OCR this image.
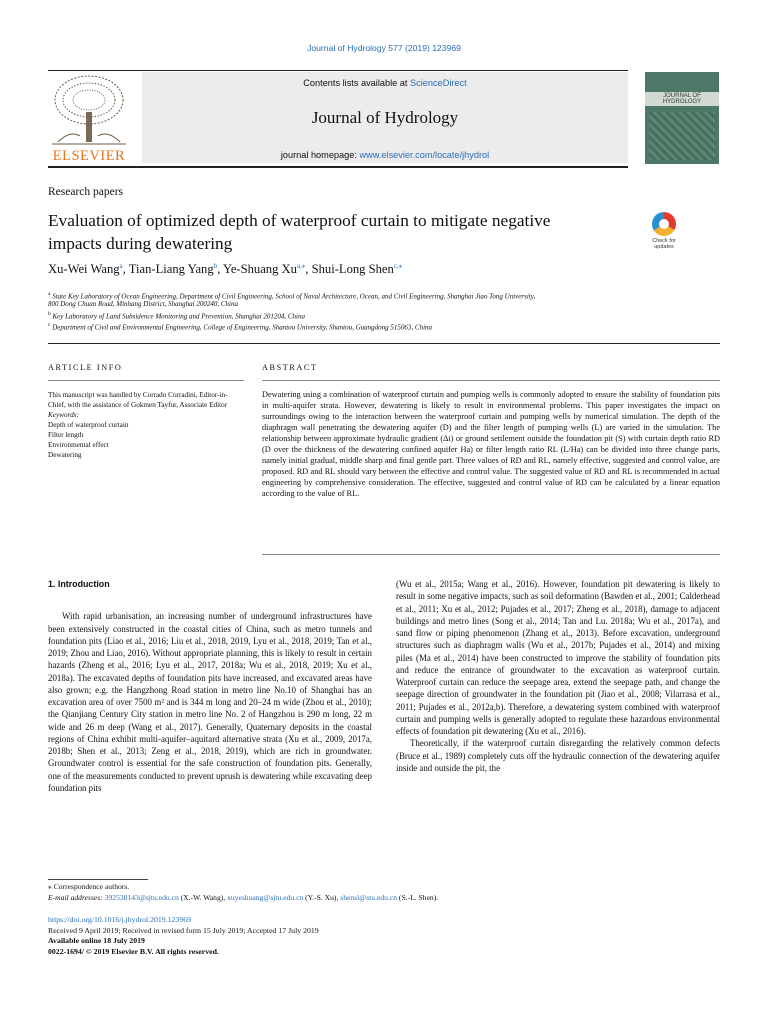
Journal of Hydrology 577 (2019) 123969
ELSEVIER
Contents lists available at ScienceDirect
Journal of Hydrology
journal homepage: www.elsevier.com/locate/jhydrol
JOURNAL OF
HYDROLOGY
Research papers
Evaluation of optimized depth of waterproof curtain to mitigate negative
impacts during dewatering	Check for
updates
Xu-Wei Wang$^a$, Tian-Liang Yang$^b$, Ye-Shuang $Xu^{a,⁎}$, Shui-Long Shen$^{c,⁎}$
$^a$ State Key Laboratory of Ocean Engineering, Department of Civil Engineering, School of Naval Architecture, Ocean, and Civil Engineering, Shanghai Jiao Tong University,
800 Dong Chuan Road, Minhang District, Shanghai 200240, China
$^b$ Key Laboratory of Land Subsidence Monitoring and Prevention, Shanghai 201204, China
$^c$ Department of Civil and Environmental Engineering, College of Engineering, Shantou University, Shantou, Guangdong 515063, China
ARTICLE INFO	ABSTRACT
This manuscript was handled by Corrado Corradini, Editor-in-Chief, with the assistance of Gokmen Tayfur, Associate Editor
Keywords:
Depth of waterproof curtain
Filter length
Environmental effect
Dewatering
Dewatering using a combination of waterproof curtain and pumping wells is commonly adopted to ensure the stability of foundation pits in multi-aquifer strata. However, dewatering is likely to result in environmental problems. This paper investigates the impact on surroundings owing to the interaction between the waterproof curtain and pumping wells by numerical simulation. The depth of the diaphragm wall penetrating the dewatering aquifer (D) and the filter length of pumping wells (L) are varied in the simulation. The relationship between approximate hydraulic gradient (Δi) or ground settlement outside the foundation pit (S) with curtain depth ratio RD (D over the thickness of the dewatering confined aquifer Ha) or filter length ratio RL (L/Ha) can be divided into three change parts, namely initial gradual, middle sharp and final gentle part. Three values of RD and RL, namely effective, suggested and control value, are proposed. RD and RL should vary between the effective and control value. The suggested value of RD and RL is recommended in actual engineering by comprehensive consideration. The effective, suggested and control value of RD can be calculated by a linear equation according to the value of RL.
1. Introduction

With rapid urbanisation, an increasing number of underground infrastructures have been extensively constructed in the coastal cities of China, such as metro tunnels and foundation pits (Liao et al., 2016; Liu et al., 2018, 2019, Lyu et al., 2018, 2019; Tan et al., 2019; Zhou and Liao, 2016). Without appropriate planning, this is likely to result in certain hazards (Zheng et al., 2016; Lyu et al., 2017, 2018a; Wu et al., 2018, 2019; Xu et al., 2018a). The excavated depths of foundation pits have increased, and excavated areas have also grown; e.g. the Hangzhong Road station in metro line No.10 of Shanghai has an excavation area of over 7500 m² and is 344 m long and 20–24 m wide (Zhou et al., 2010); the Qianjiang Century City station in metro line No. 2 of Hangzhou is 290 m long, 22 m wide and 26 m deep (Wang et al., 2017). Generally, Quaternary deposits in the coastal regions of China exhibit multi-aquifer–aquitard alternative strata (Xu et al., 2009, 2017a, 2018b; Shen et al., 2013; Zeng et al., 2018, 2019), which are rich in groundwater. Groundwater control is essential for the safe construction of foundation pits. Generally, one of the measurements conducted to prevent uprush is dewatering while excavating deep foundation pits

(Wu et al., 2015a; Wang et al., 2016). However, foundation pit dewatering is likely to result in some negative impacts, such as soil deformation (Bawden et al., 2001; Calderhead et al., 2011; Xu et al., 2012; Pujades et al., 2017; Zheng et al., 2018), damage to adjacent buildings and metro lines (Song et al., 2014; Tan and Lu. 2018a; Wu et al., 2017a), and sand flow or piping phenomenon (Zhang et al., 2013). Before excavation, underground structures such as diaphragm walls (Wu et al., 2017b; Pujades et al., 2014) and mixing piles (Ma et al., 2014) have been constructed to improve the stability of foundation pits and reduce the entrance of groundwater to the excavation as waterproof curtain. Waterproof curtain can reduce the seepage area, extend the seepage path, and change the seepage direction of groundwater in the foundation pit (Jiao et al., 2008; Vilarrasa et al., 2011; Pujades et al., 2012a,b). Therefore, a dewatering system combined with waterproof curtain and pumping wells is generally adopted to regulate these hazardous environmental effects of foundation pit dewatering (Xu et al., 2016).

Theoretically, if the waterproof curtain disregarding the relatively common defects (Bruce et al., 1989) completely cuts off the hydraulic connection of the dewatering aquifer inside and outside the pit, the

⁎ Correspondence authors.
E-mail addresses: 392538143@sjtu.edu.cn (X.-W. Wang), xuyeshuang@sjtu.edu.cn (Y.-S. Xu), shensl@stu.edu.cn (S.-L. Shen).
https://doi.org/10.1016/j.jhydrol.2019.123969
Received 9 April 2019; Received in revised form 15 July 2019; Accepted 17 July 2019
Available online 18 July 2019
0022-1694/ © 2019 Elsevier B.V. All rights reserved.
